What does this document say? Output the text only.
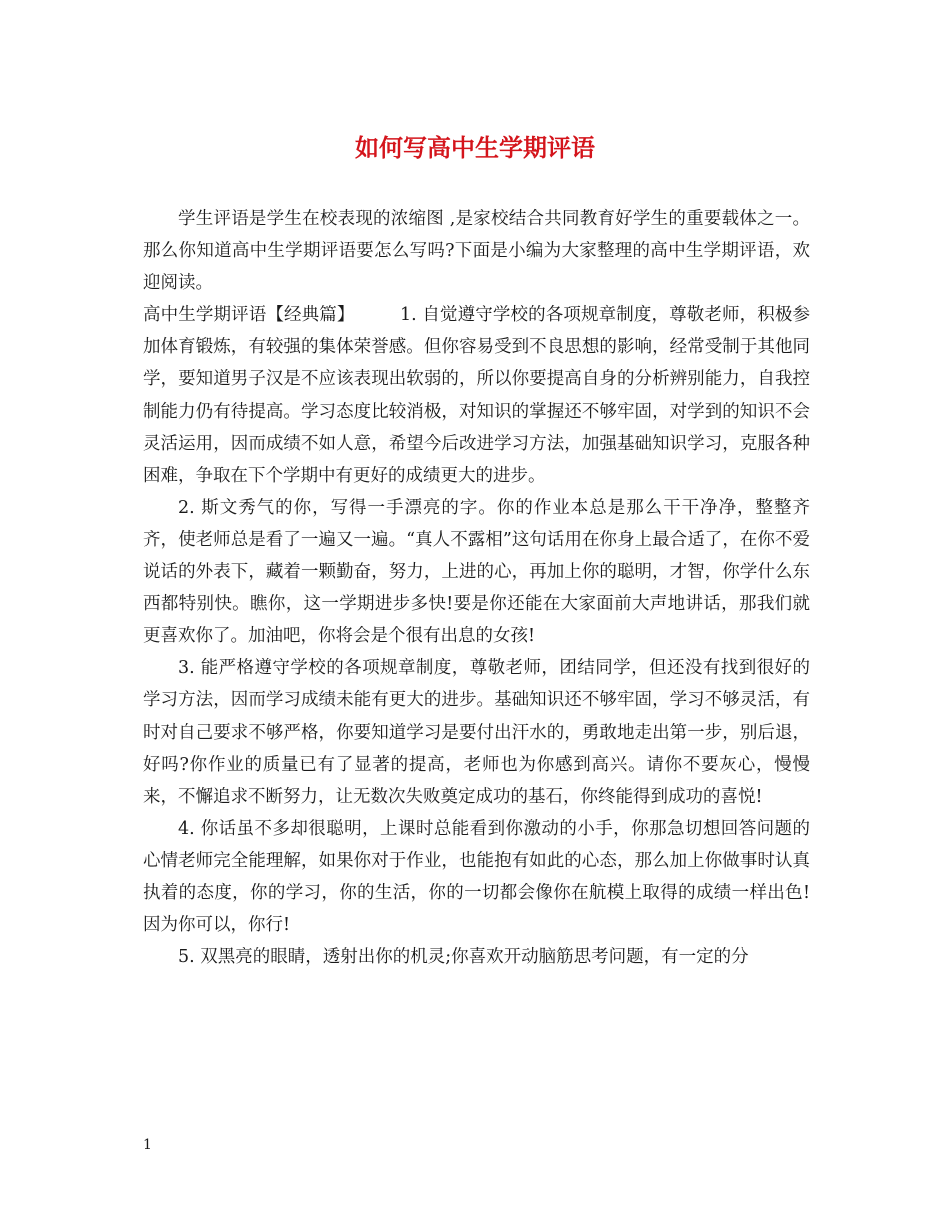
如何写高中生学期评语

学生评语是学生在校表现的浓缩图 ,是家校结合共同教育好学生的重要载体之一。那么你知道高中生学期评语要怎么写吗?下面是小编为大家整理的高中生学期评语，欢迎阅读。

高中生学期评语【经典篇】	1. 自觉遵守学校的各项规章制度，尊敬老师，积极参加体育锻炼，有较强的集体荣誉感。但你容易受到不良思想的影响，经常受制于其他同学，要知道男子汉是不应该表现出软弱的，所以你要提高自身的分析辨别能力，自我控制能力仍有待提高。学习态度比较消极，对知识的掌握还不够牢固，对学到的知识不会灵活运用，因而成绩不如人意，希望今后改进学习方法，加强基础知识学习，克服各种困难，争取在下个学期中有更好的成绩更大的进步。

2. 斯文秀气的你，写得一手漂亮的字。你的作业本总是那么干干净净，整整齐齐，使老师总是看了一遍又一遍。“真人不露相”这句话用在你身上最合适了，在你不爱说话的外表下，藏着一颗勤奋，努力，上进的心，再加上你的聪明，才智，你学什么东西都特别快。瞧你，这一学期进步多快!要是你还能在大家面前大声地讲话，那我们就更喜欢你了。加油吧，你将会是个很有出息的女孩!

3. 能严格遵守学校的各项规章制度，尊敬老师，团结同学，但还没有找到很好的学习方法，因而学习成绩未能有更大的进步。基础知识还不够牢固，学习不够灵活，有时对自己要求不够严格，你要知道学习是要付出汗水的，勇敢地走出第一步，别后退，好吗?你作业的质量已有了显著的提高，老师也为你感到高兴。请你不要灰心，慢慢来，不懈追求不断努力，让无数次失败奠定成功的基石，你终能得到成功的喜悦!

4. 你话虽不多却很聪明，上课时总能看到你激动的小手，你那急切想回答问题的心情老师完全能理解，如果你对于作业，也能抱有如此的心态，那么加上你做事时认真执着的态度，你的学习，你的生活，你的一切都会像你在航模上取得的成绩一样出色!因为你可以，你行!

5. 双黑亮的眼睛，透射出你的机灵;你喜欢开动脑筋思考问题，有一定的分

1
